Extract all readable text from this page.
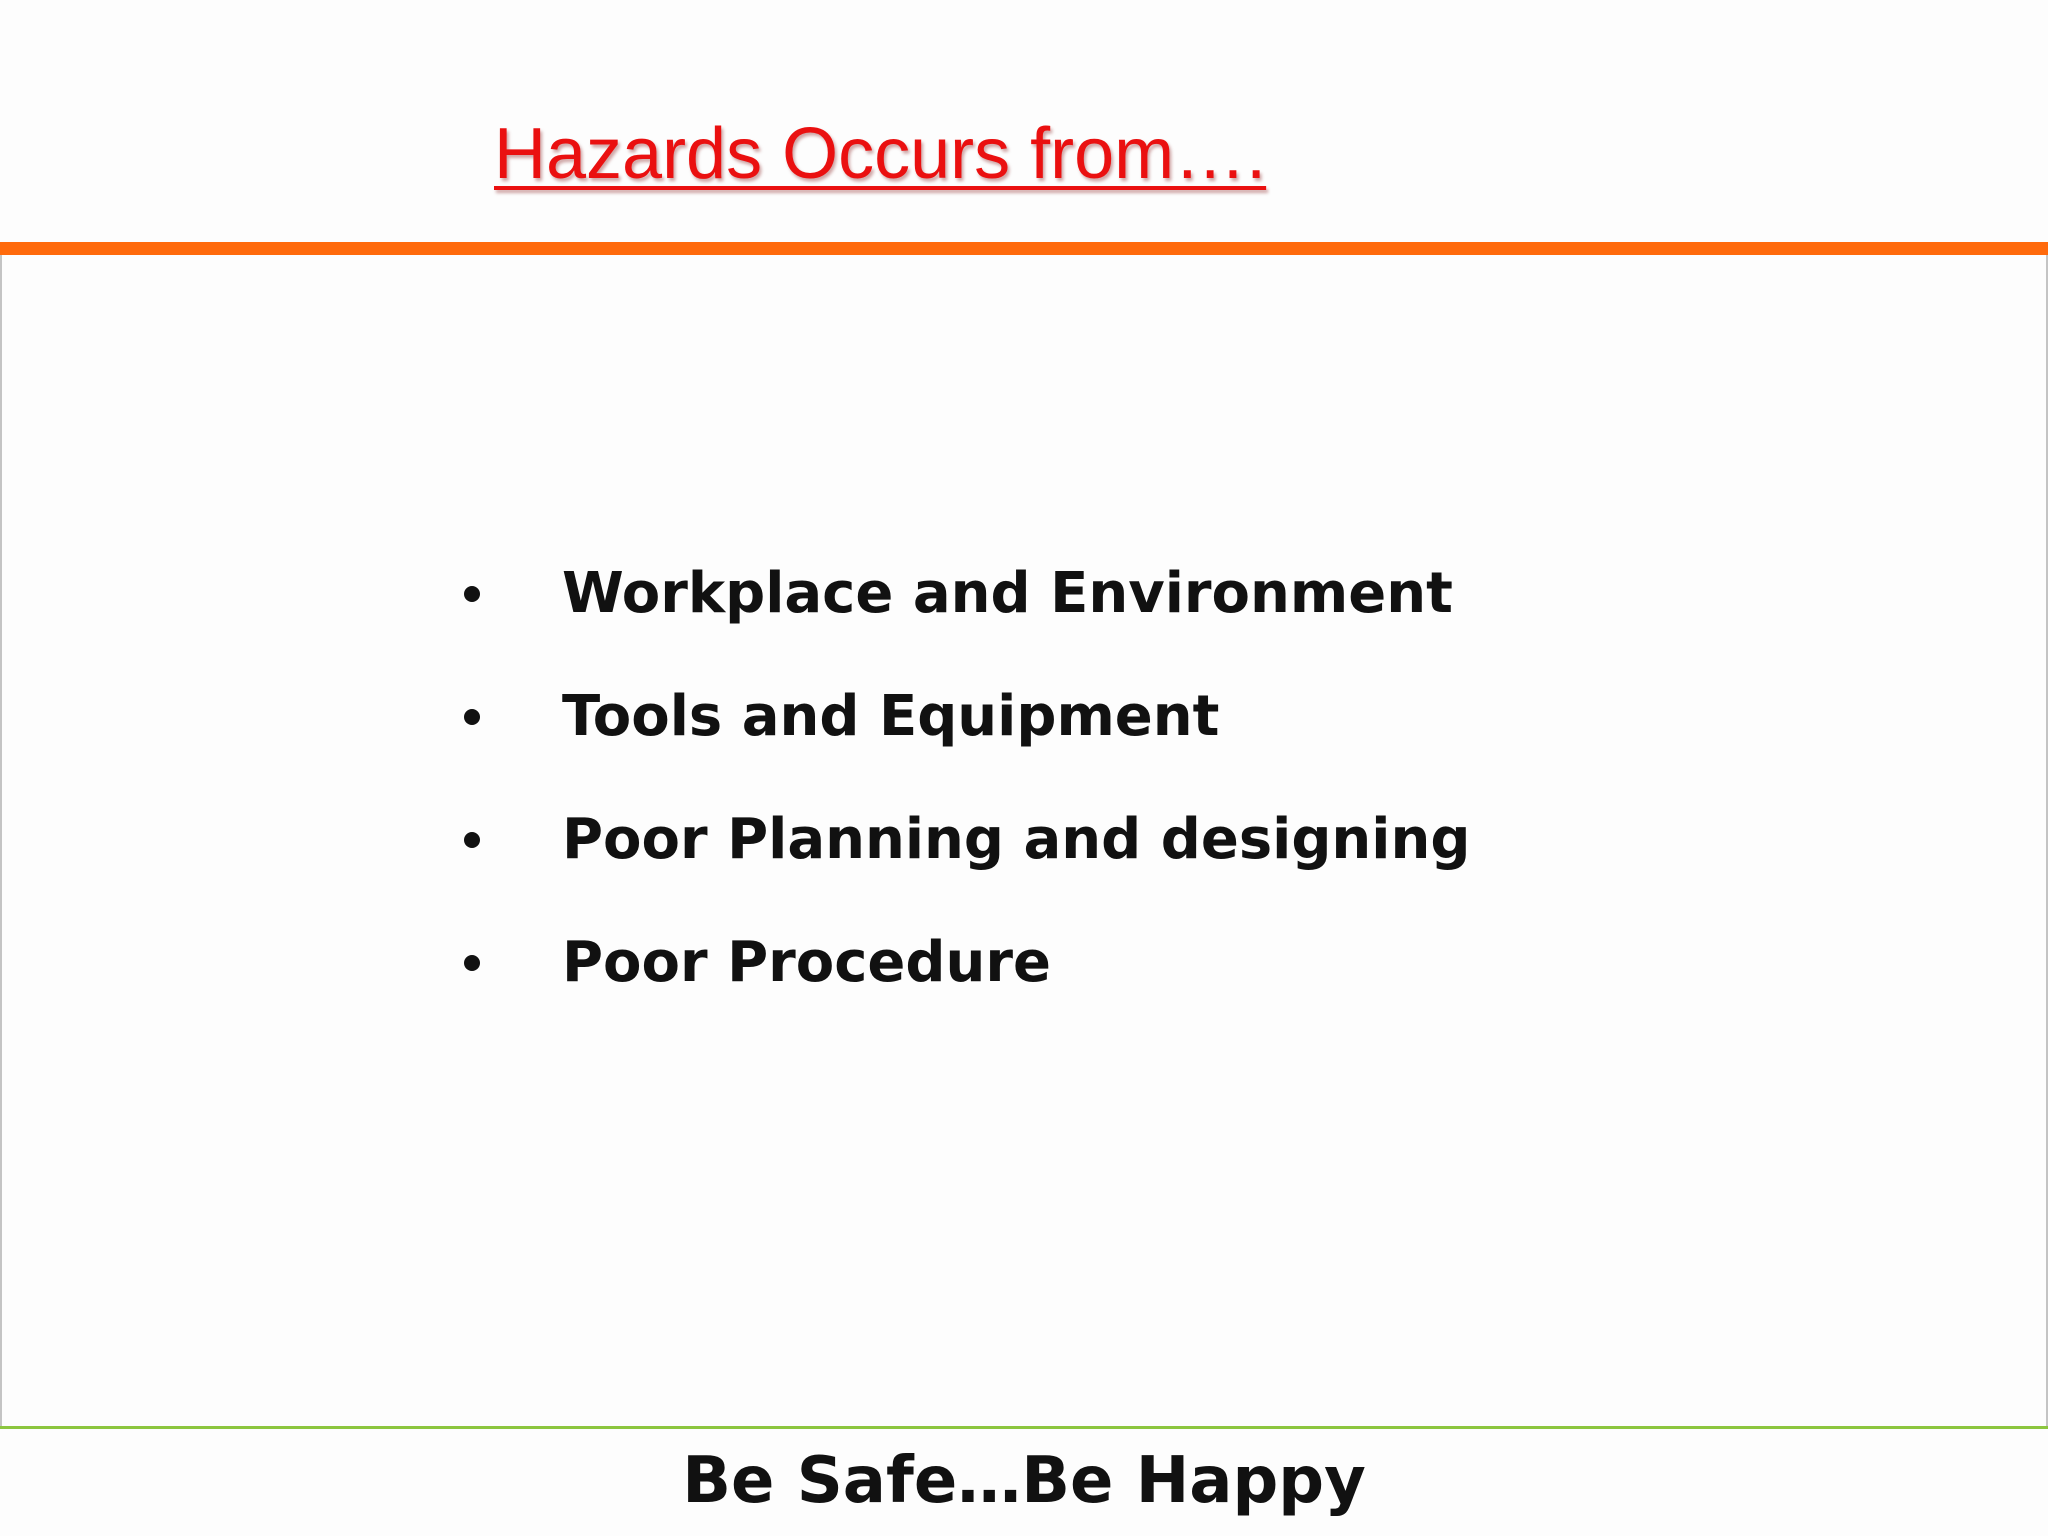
Hazards Occurs from….
Workplace and Environment
Tools and Equipment
Poor Planning and designing
Poor Procedure
Be Safe…Be Happy
